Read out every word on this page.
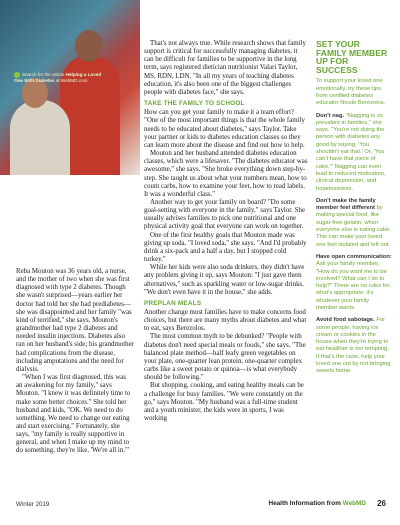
Search for the article Helping a Loved One With Diabetes at WebMD.com

Reba Mouton was 36 years old, a nurse, and the mother of two when she was first diagnosed with type 2 diabetes. Though she wasn't surprised—years earlier her doctor had told her she had prediabetes—she was disappointed and her family "was kind of terrified," she says. Mouton's grandmother had type 2 diabetes and needed insulin injections. Diabetes also ran on her husband's side; his grandmother had complications from the disease, including amputations and the need for dialysis.

"When I was first diagnosed, this was an awakening for my family," says Mouton. "I knew it was definitely time to make some better choices." She told her husband and kids, "OK. We need to do something. We need to change our eating and start exercising." Fortunately, she says, "my family is really supportive in general, and when I make up my mind to do something, they're like, 'We're all in.'"

That's not always true. While research shows that family support is critical for successfully managing diabetes, it can be difficult for families to be supportive in the long term, says registered dietician nutritionist Valari Taylor, MS, RDN, LDN. "In all my years of teaching diabetes education, it's also been one of the biggest challenges people with diabetes face," she says.

TAKE THE FAMILY TO SCHOOL

How can you get your family to make it a team effort? "One of the most important things is that the whole family needs to be educated about diabetes," says Taylor. Take your partner or kids to diabetes education classes so they can learn more about the disease and find out how to help.

Mouton and her husband attended diabetes education classes, which were a lifesaver. "The diabetes educator was awesome," she says. "She broke everything down step-by-step. She taught us about what your numbers mean, how to count carbs, how to examine your feet, how to read labels. It was a wonderful class."

Another way to get your family on board? "Do some goal-setting with everyone in the family," says Taylor. She usually advises families to pick one nutritional and one physical activity goal that everyone can work on together.

One of the first healthy goals that Mouton made was giving up soda. "I loved soda," she says. "And I'd probably drink a six-pack and a half a day, but I stopped cold turkey."

While her kids were also soda drinkers, they didn't have any problem giving it up, says Mouton: "I just gave them alternatives," such as sparkling water or low-sugar drinks. "We don't even have it in the house," she adds.

PREPLAN MEALS

Another change most families have to make concerns food choices, but there are many myths about diabetes and what to eat, says Berezolos.

The most common myth to be debunked? "People with diabetes don't need special meals or foods," she says. "The balanced plate method—half leafy green vegetables on your plate, one-quarter lean protein, one-quarter complex carbs like a sweet potato or quinoa—is what everybody should be following."

But shopping, cooking, and eating healthy meals can be a challenge for busy families. "We were constantly on the go," says Mouton. "My husband was a full-time student and a youth minister, the kids were in sports, I was working

SET YOUR FAMILY MEMBER UP FOR SUCCESS
To support your loved one emotionally, try these tips from certified diabetes educator Nicole Berezolos.
Don't nag. "Nagging is so prevalent in families," she says. "You're not doing the person with diabetes any good by saying, 'You shouldn't eat that.' Or, 'You can't have that piece of cake.'" Nagging can even lead to reduced motivation, clinical depression, and hopelessness.
Don't make the family member feel different by making special food, like sugar-free gelatin, when everyone else is eating cake. This can make your loved one feel isolated and left out.
Have open communication: Ask your family member, "How do you want me to be involved? What can I do to help?" There are no rules for what's appropriate; it's whatever your family member wants.
Avoid food sabotage. For some people, having ice cream or cookies in the house when they're trying to eat healthier is too tempting. If that's the case, help your loved one out by not bringing sweets home.
Winter 2019	Health Information from WebMD 26
